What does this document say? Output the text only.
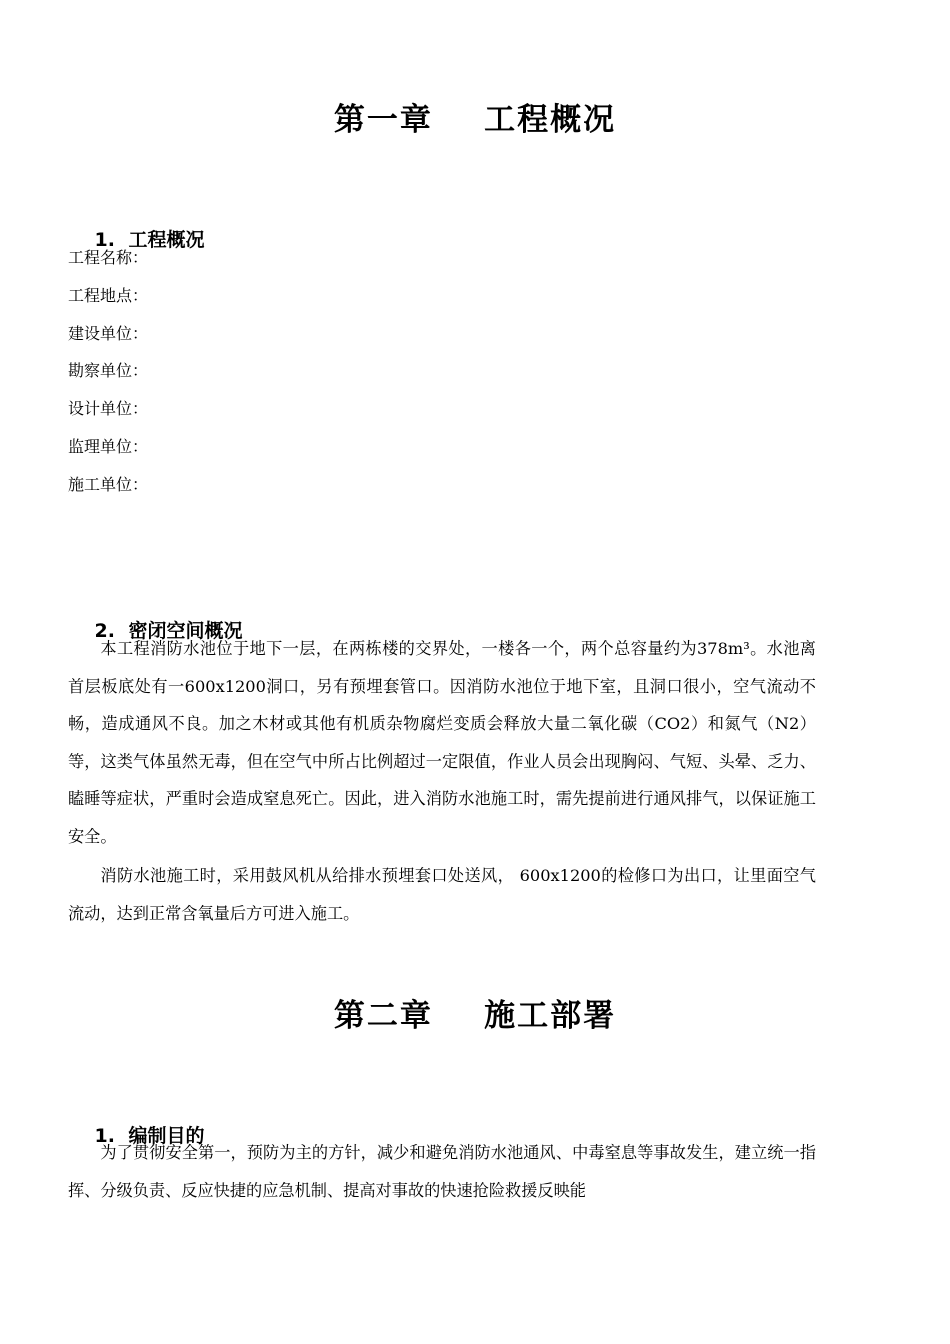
第一章    工程概况

1. 工程概况

工程名称：
工程地点：
建设单位：
勘察单位：
设计单位：
监理单位：
施工单位：

2. 密闭空间概况

本工程消防水池位于地下一层，在两栋楼的交界处，一楼各一个，两个总容量约为378m³。水池离首层板底处有一600x1200洞口，另有预埋套管口。因消防水池位于地下室，且洞口很小，空气流动不畅，造成通风不良。加之木材或其他有机质杂物腐烂变质会释放大量二氧化碳（CO2）和氮气（N2）等，这类气体虽然无毒，但在空气中所占比例超过一定限值，作业人员会出现胸闷、气短、头晕、乏力、瞌睡等症状，严重时会造成窒息死亡。因此，进入消防水池施工时，需先提前进行通风排气，以保证施工安全。

消防水池施工时，采用鼓风机从给排水预埋套口处送风， 600x1200的检修口为出口，让里面空气流动，达到正常含氧量后方可进入施工。

第二章    施工部署

1. 编制目的

为了贯彻安全第一，预防为主的方针，减少和避免消防水池通风、中毒窒息等事故发生，建立统一指挥、分级负责、反应快捷的应急机制、提高对事故的快速抢险救援反映能
